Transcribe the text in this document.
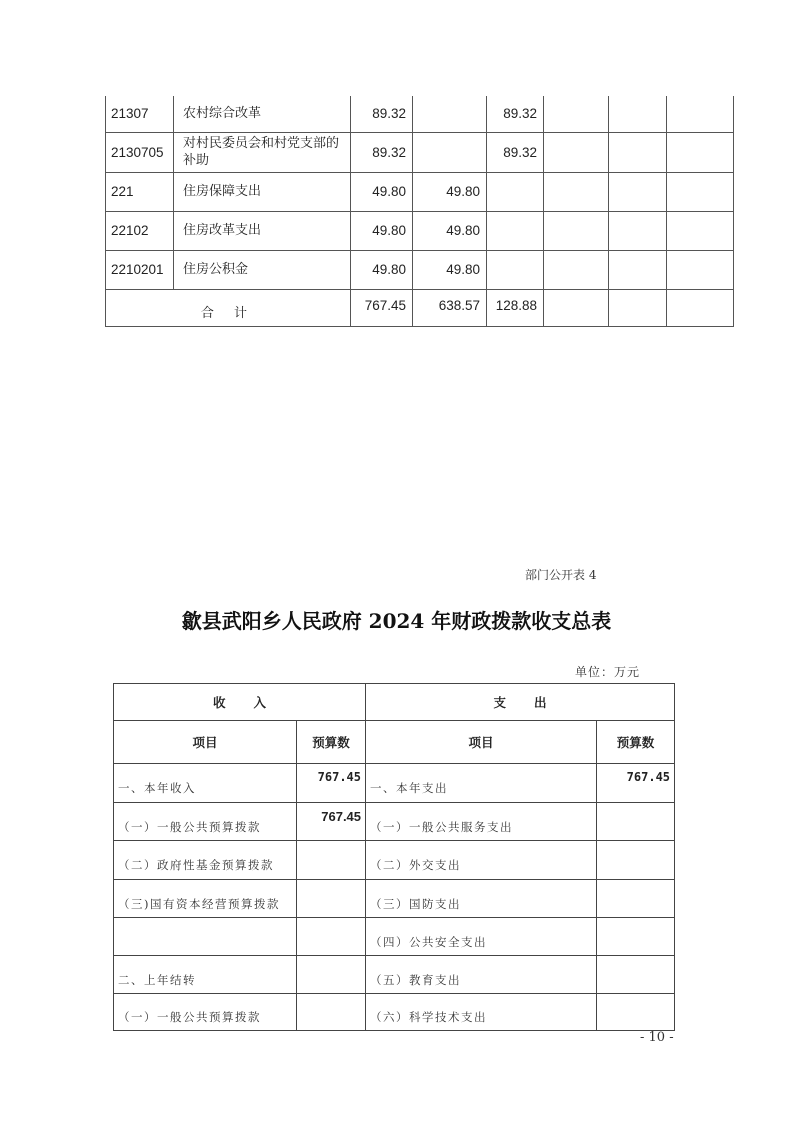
21307	农村综合改革	89.32		89.32			
2130705	对村民委员会和村党支部的补助	89.32		89.32			
221	住房保障支出	49.80	49.80				
22102	住房改革支出	49.80	49.80				
2210201	住房公积金	49.80	49.80				
合 计		767.45	638.57	128.88			
部门公开表 4
歙县武阳乡人民政府 2024 年财政拨款收支总表
单位：万元
收入		支出	
项目	预算数	项目	预算数
一、本年收入	767.45	一、本年支出	767.45
（一）一般公共预算拨款	767.45	（一）一般公共服务支出	
（二）政府性基金预算拨款		（二）外交支出	
（三)国有资本经营预算拨款		（三）国防支出	
		（四）公共安全支出	
二、上年结转		（五）教育支出	
（一）一般公共预算拨款		（六）科学技术支出	
- 10 -
